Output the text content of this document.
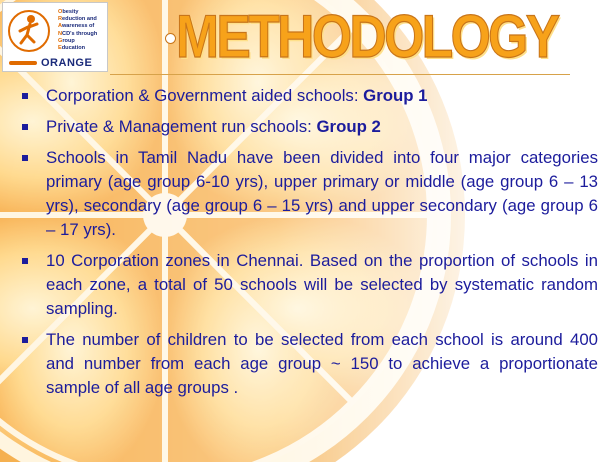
Obesity
Reduction and
Awareness of
NCD's through
Group
Education
ORANGE METHODOLOGY
Corporation & Government aided schools: Group 1
Private & Management run schools: Group 2
Schools in Tamil Nadu have been divided into four major categories primary (age group 6-10 yrs), upper primary or middle (age group 6 – 13 yrs), secondary (age group 6 – 15 yrs) and upper secondary (age group 6 – 17 yrs).
10 Corporation zones in Chennai. Based on the proportion of schools in each zone, a total of 50 schools will be selected by systematic random sampling.
The number of children to be selected from each school is around 400 and number from each age group ~ 150 to achieve a proportionate sample of all age groups .
